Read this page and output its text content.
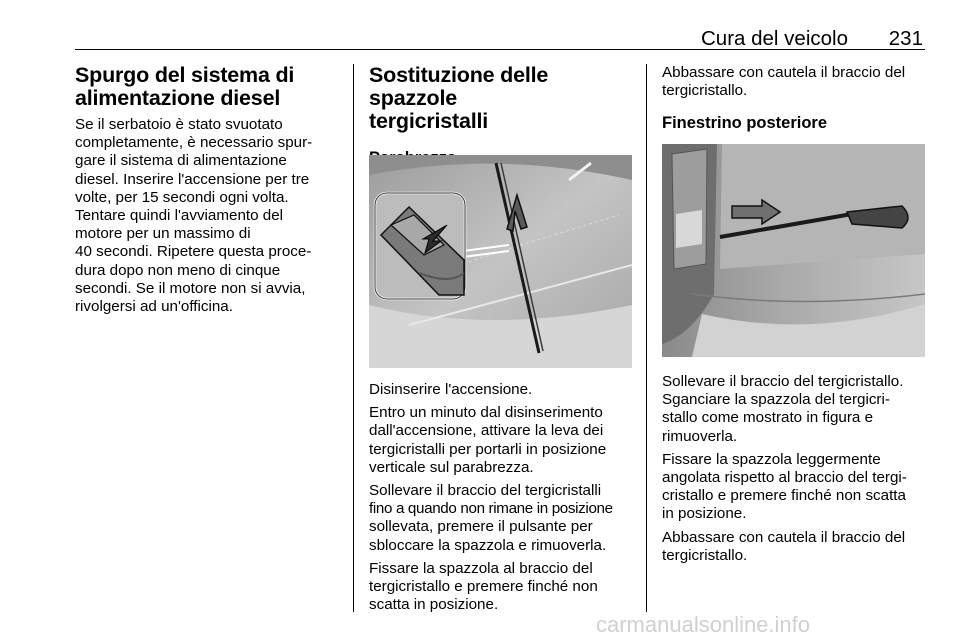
Cura del veicolo 231
Spurgo del sistema di
alimentazione diesel

Se il serbatoio è stato svuotato
completamente, è necessario spur-
gare il sistema di alimentazione
diesel. Inserire l'accensione per tre
volte, per 15 secondi ogni volta.
Tentare quindi l'avviamento del
motore per un massimo di
40 secondi. Ripetere questa proce-
dura dopo non meno di cinque
secondi. Se il motore non si avvia,
rivolgersi ad un'officina.

Sostituzione delle spazzole
tergicristalli

Disinserire l'accensione.

Entro un minuto dal disinserimento
dall'accensione, attivare la leva dei
tergicristalli per portarli in posizione
verticale sul parabrezza.

Sollevare il braccio del tergicristalli
fino a quando non rimane in posizione
sollevata, premere il pulsante per
sbloccare la spazzola e rimuoverla.

Fissare la spazzola al braccio del
tergicristallo e premere finché non
scatta in posizione.

Abbassare con cautela il braccio del
tergicristallo.

Finestrino posteriore

Sollevare il braccio del tergicristallo.
Sganciare la spazzola del tergicri-
stallo come mostrato in figura e
rimuoverla.

Fissare la spazzola leggermente
angolata rispetto al braccio del tergi-
cristallo e premere finché non scatta
in posizione.

Abbassare con cautela il braccio del
tergicristallo.

carmanualsonline.info
